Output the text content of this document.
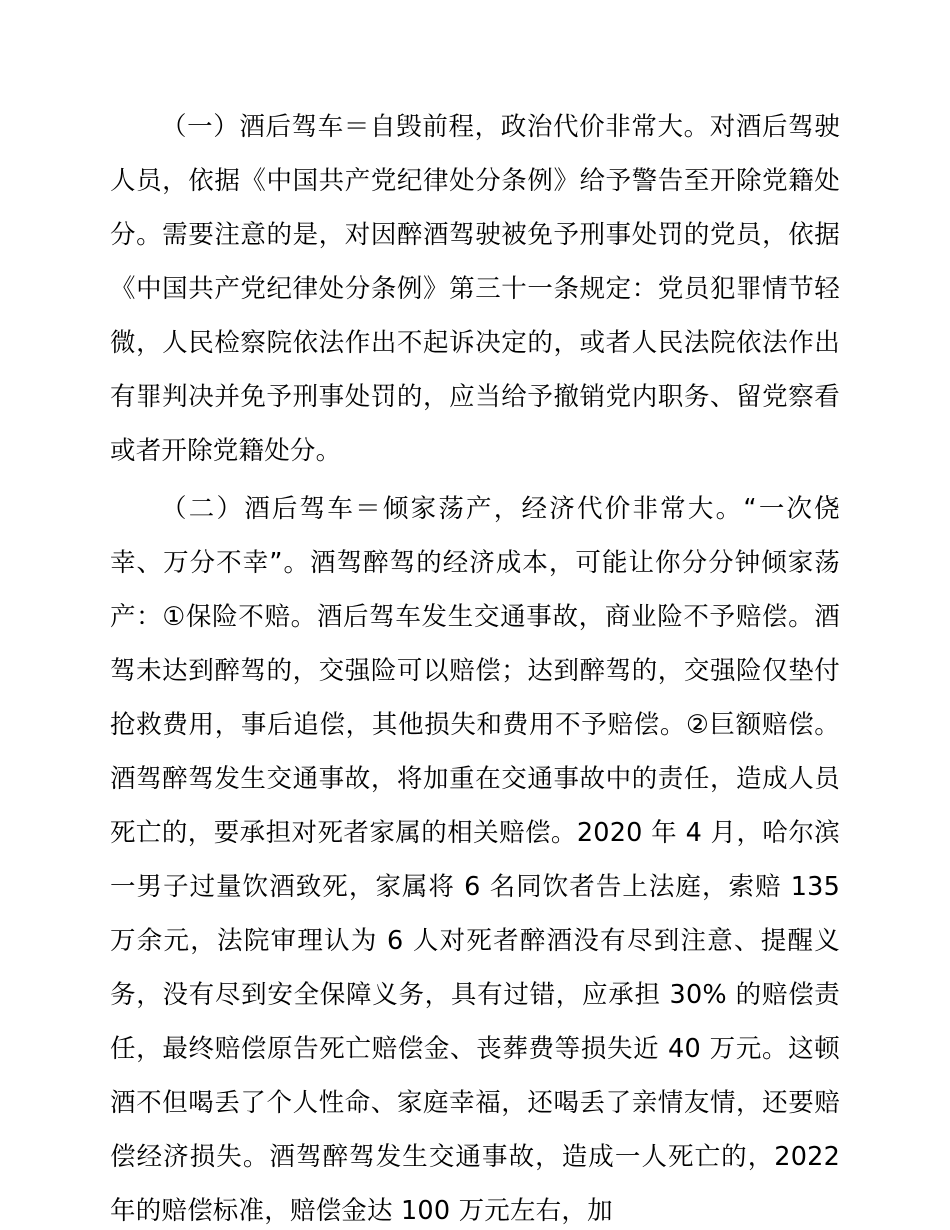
（一）酒后驾车＝自毁前程，政治代价非常大。对酒后驾驶人员，依据《中国共产党纪律处分条例》给予警告至开除党籍处分。需要注意的是，对因醉酒驾驶被免予刑事处罚的党员，依据《中国共产党纪律处分条例》第三十一条规定：党员犯罪情节轻微，人民检察院依法作出不起诉决定的，或者人民法院依法作出有罪判决并免予刑事处罚的，应当给予撤销党内职务、留党察看或者开除党籍处分。

（二）酒后驾车＝倾家荡产，经济代价非常大。“一次侥幸、万分不幸”。酒驾醉驾的经济成本，可能让你分分钟倾家荡产：①保险不赔。酒后驾车发生交通事故，商业险不予赔偿。酒驾未达到醉驾的，交强险可以赔偿；达到醉驾的，交强险仅垫付抢救费用，事后追偿，其他损失和费用不予赔偿。②巨额赔偿。酒驾醉驾发生交通事故，将加重在交通事故中的责任，造成人员死亡的，要承担对死者家属的相关赔偿。2020 年 4 月，哈尔滨一男子过量饮酒致死，家属将 6 名同饮者告上法庭，索赔 135 万余元，法院审理认为 6 人对死者醉酒没有尽到注意、提醒义务，没有尽到安全保障义务，具有过错，应承担 30% 的赔偿责任，最终赔偿原告死亡赔偿金、丧葬费等损失近 40 万元。这顿酒不但喝丢了个人性命、家庭幸福，还喝丢了亲情友情，还要赔偿经济损失。酒驾醉驾发生交通事故，造成一人死亡的，2022 年的赔偿标准，赔偿金达 100 万元左右，加
